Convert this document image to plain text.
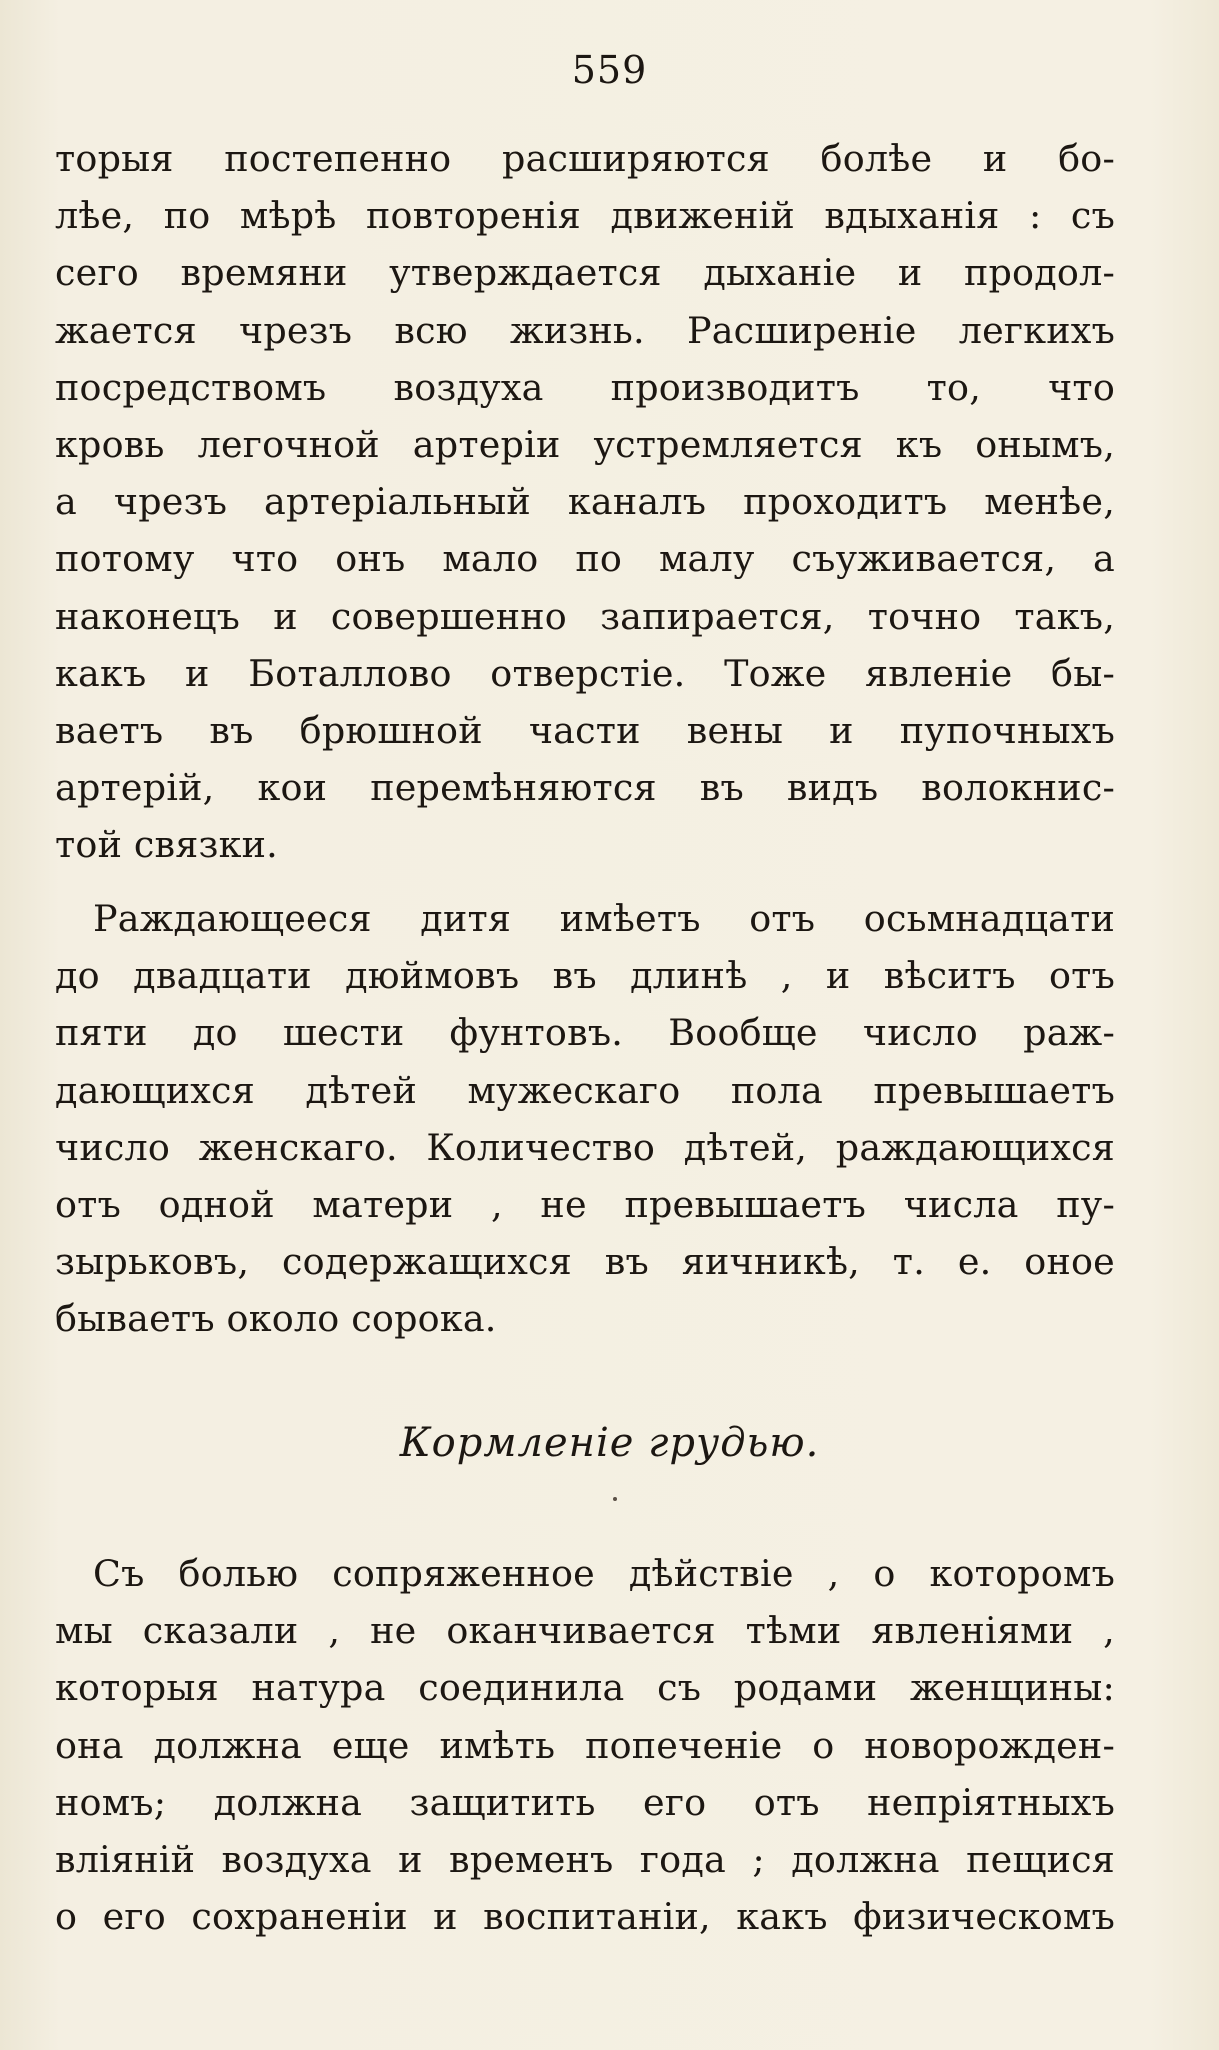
559
торыя постепенно расширяются болѣе и бо-
лѣе, по мѣрѣ повторенія движеній вдыханія : съ
сего времяни утверждается дыханіе и продол-
жается чрезъ всю жизнь. Расширеніе легкихъ
посредствомъ воздуха производитъ то, что
кровь легочной артеріи устремляется къ онымъ,
а чрезъ артеріальный каналъ проходитъ менѣе,
потому что онъ мало по малу съуживается, а
наконецъ и совершенно запирается, точно такъ,
какъ и Боталлово отверстіе. Тоже явленіе бы-
ваетъ въ брюшной части вены и пупочныхъ
артерій, кои перемѣняются въ видъ волокнис-
той связки.
Раждающееся дитя имѣетъ отъ осьмнадцати
до двадцати дюймовъ въ длинѣ , и вѣситъ отъ
пяти до шести фунтовъ. Вообще число раж-
дающихся дѣтей мужескаго пола превышаетъ
число женскаго. Количество дѣтей, раждающихся
отъ одной матери , не превышаетъ числа пу-
зырьковъ, содержащихся въ яичникѣ, т. е. оное
бываетъ около сорока.
Кормленіе грудью.
Съ болью сопряженное дѣйствіе , о которомъ
мы сказали , не оканчивается тѣми явленіями ,
которыя натура соединила съ родами женщины:
она должна еще имѣть попеченіе о новорожден-
номъ; должна защитить его отъ непріятныхъ
вліяній воздуха и временъ года ; должна пещися
о его сохраненіи и воспитаніи, какъ физическомъ
